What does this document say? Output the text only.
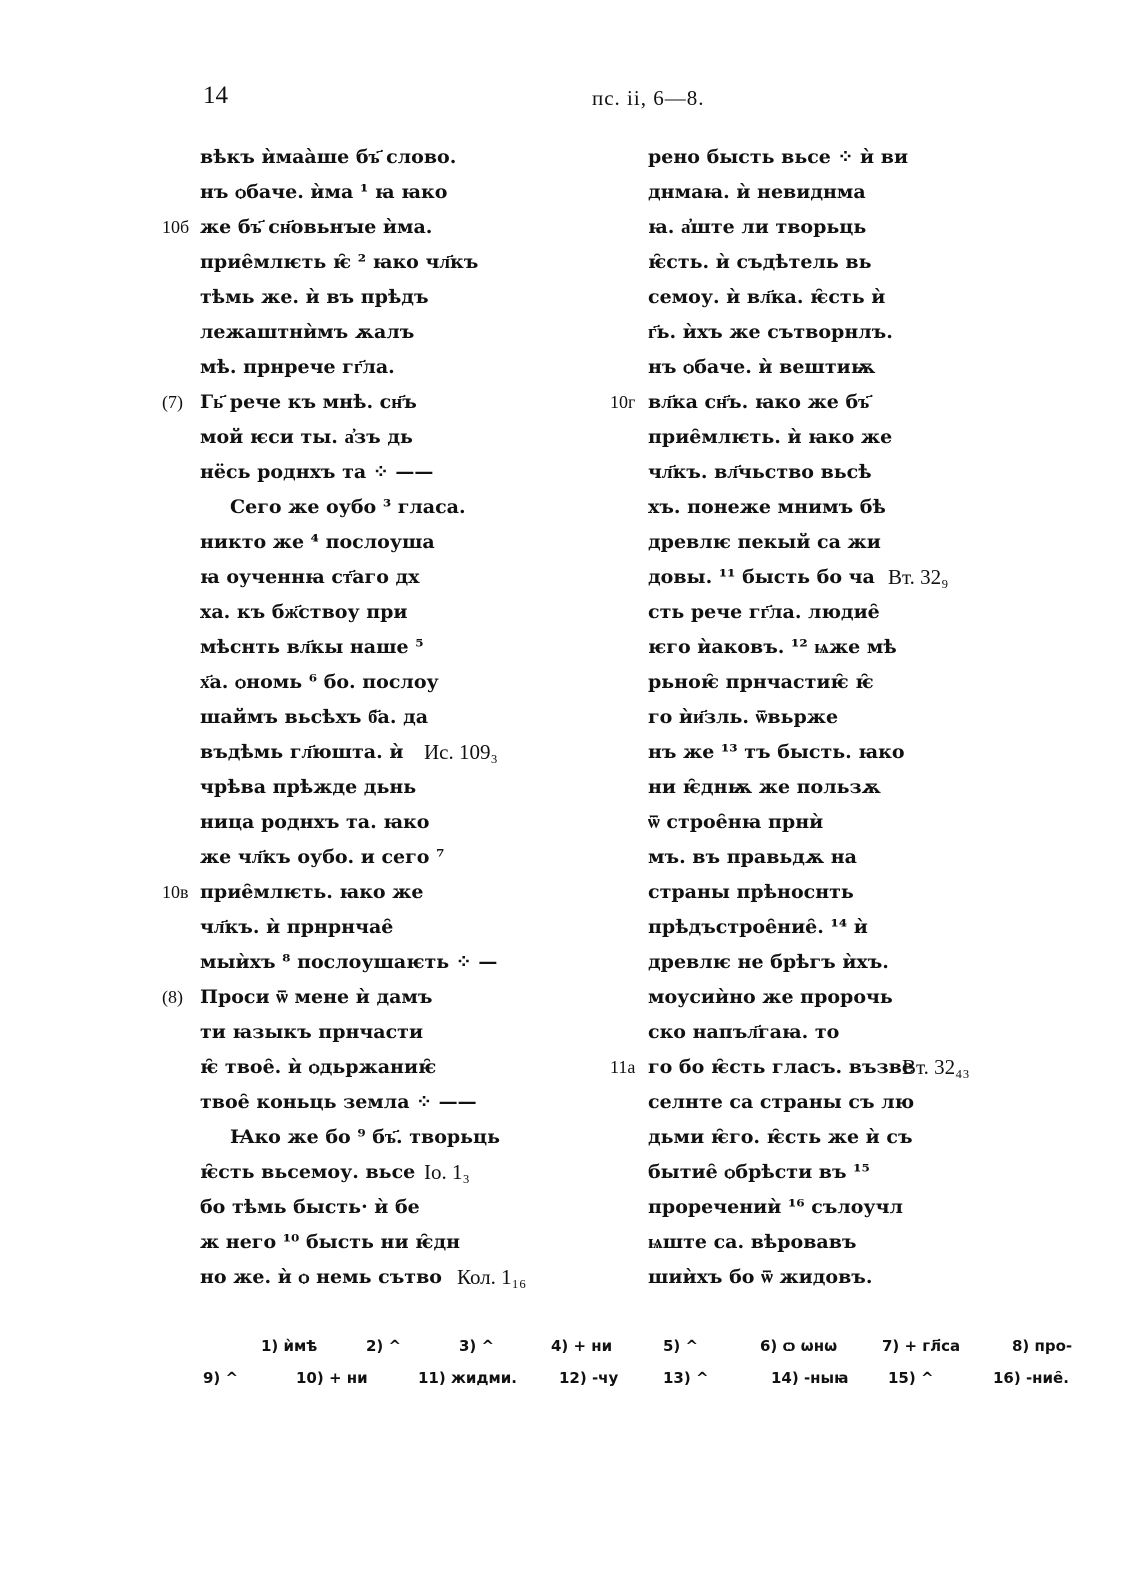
14	пс. ii, 6—8.
вѣкъ ѝмаа̀ше бъ҃ слово.
нъ ѻбаче. ѝма ¹ ꙗ ꙗко
10б же бъ҃ сн҃овьнꙑе ѝма.
прие̑млѥть ѥ̑ ² ꙗко чл҃къ
тѣмь же. ѝ въ прѣдъ
лежаштнѝмъ ѫалъ
мѣ. прнрече гг҃ла.
(7) Гь҃ рече къ мнѣ. сн҃ъ
мой ѥси ты. а҆зъ дь
нёсь роднхъ та ⁘ ——
Сего же оубо ³ гласа.
никто же ⁴ послоуша
ꙗ оученнꙗ ст҃аго дх
ха. къ бж҃ствоу при
мѣснть вл҃кы наше ⁵
х҃а. ѻномь ⁶ бо. послоу
шаймъ вьсѣхъ б҃а. да
въдѣмь гл҃юшта. ѝ Ис. 109₃
чрѣва прѣжде дьнь
ница роднхъ та. ꙗко
же чл҃къ оубо. и сего ⁷
10в прие̑млѥть. ꙗко же
чл҃къ. ѝ прнрнчае̑
мыѝхъ ⁸ послоушаѥть ⁘ —
(8) Проси ѿ мене ѝ дамъ
ти ꙗзыкъ прнчасти
ѥ̑ твое̑. ѝ ѻдьржаниѥ̑
твое̑ коньць земла ⁘ ——
Ꙗко же бо ⁹ бъ҃. творьць
ѥ̑сть вьсемоу. вьсе Іо. 1₃
бо тѣмь бысть· ѝ бе
ж него ¹⁰ бысть ни ѥ̑дн
но же. ѝ ѻ немь сътво Кол. 1₁₆
рено бысть вьсе ⁘ ѝ ви
днмаꙗ. ѝ невиднма
ꙗ. а҆ште ли творьць
ѥ̑сть. ѝ съдѣтель вь
семоу. ѝ вл҃ка. ѥ̑сть ѝ
г҃ь. ѝхъ же сътворнлъ.
нъ ѻбаче. ѝ вештиѭ
10г вл҃ка сн҃ъ. ꙗко же бъ҃
прие̑млѥть. ѝ ꙗко же
чл҃къ. вл҃чьство вьсѣ
хъ. понеже мнимъ бѣ
древлѥ пекый са жи
довы. ¹¹ бысть бо ча Вт. 32₉
сть рече гг҃ла. людие̑
ѥго ѝаковъ. ¹² ѩже мѣ
рьноѥ̑ прнчастиѥ̑ ѥ̑
го ѝи҃зль. ѿвьрже
нъ же ¹³ тъ бысть. ꙗко
ни ѥ̑днѭ же пользѫ
ѿ строе̑нꙗ прнѝ
мъ. въ правьдѫ на
страны прѣноснть
прѣдъстрое̑ние̑. ¹⁴ ѝ
древлѥ не брѣгъ ѝхъ.
моусиѝно же пророчь
ско напъл҃гаꙗ. то
11а го бо ѥ̑сть гласъ. възве
Вт. 32₄₃
селнте са страны съ лю
дьми ѥ̑го. ѥ̑сть же ѝ съ
бытие̑ ѻбрѣсти въ ¹⁵
проречениѝ ¹⁶ сълоучл
ѩште са. вѣровавъ
шиѝхъ бо ѿ жидовъ.
1) ѝмѣ	2) ^	3) ^	4) + ни	5) ^	6) ѻ ѡнѡ	7) + гл҃са	8) про-
9) ^	10) + ни	11) жидми.	12) -чу	13) ^	14) -ныꙗ	15) ^	16) -ние̑.
